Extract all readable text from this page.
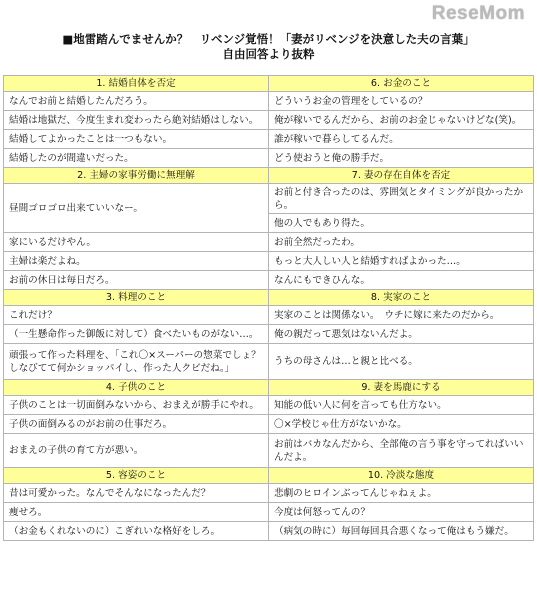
ReseMom
■地雷踏んでませんか？　リベンジ覚悟！「妻がリベンジを決意した夫の言葉」
自由回答より抜粋
1. 結婚自体を否定	6. お金のこと
なんでお前と結婚したんだろう。	どういうお金の管理をしているの？
結婚は地獄だ、今度生まれ変わったら絶対結婚はしない。	俺が稼いでるんだから、お前のお金じゃないけどな(笑)。
結婚してよかったことは一つもない。	誰が稼いで暮らしてるんだ。
結婚したのが間違いだった。	どう使おうと俺の勝手だ。
2. 主婦の家事労働に無理解	7. 妻の存在自体を否定
昼間ゴロゴロ出来ていいなー。	お前と付き合ったのは、雰囲気とタイミングが良かったから。
	他の人でもあり得た。
家にいるだけやん。	お前全然だったわ。
主婦は楽だよね。	もっと大人しい人と結婚すればよかった…。
お前の休日は毎日だろ。	なんにもできひんな。
3. 料理のこと	8. 実家のこと
これだけ？	実家のことは関係ない。　ウチに嫁に来たのだから。
（一生懸命作った御飯に対して）食べたいものがない…。	俺の親だって悪気はないんだよ。
頑張って作った料理を、「これ〇×スーパーの惣菜でしょ？
しなびてて何かショッパイし、作った人クビだね。」	うちの母さんは…と親と比べる。
4. 子供のこと	9. 妻を馬鹿にする
子供のことは一切面倒みないから、おまえが勝手にやれ。	知能の低い人に何を言っても仕方ない。
子供の面倒みるのがお前の仕事だろ。	〇×学校じゃ仕方がないかな。
おまえの子供の育て方が悪い。	お前はバカなんだから、全部俺の言う事を守ってればいいんだよ。
5. 容姿のこと	10. 冷淡な態度
昔は可愛かった。なんでそんなになったんだ？	悲劇のヒロインぶってんじゃねぇよ。
痩せろ。	今度は何怒ってんの？
（お金もくれないのに）こぎれいな格好をしろ。	（病気の時に）毎回毎回具合悪くなって俺はもう嫌だ。
